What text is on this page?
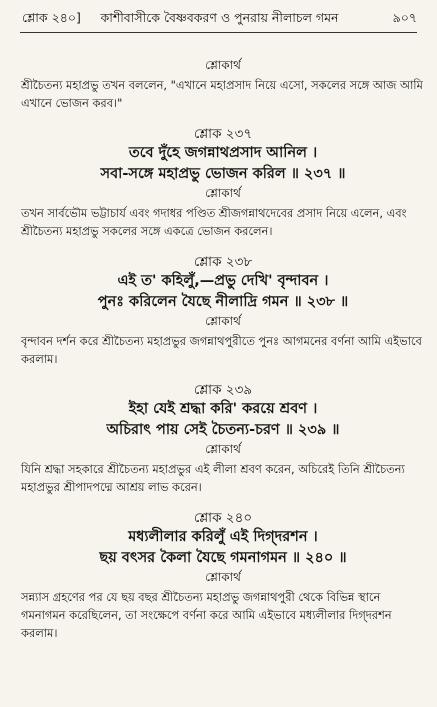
শ্লোক ২৪০]	কাশীবাসীকে বৈষ্ণবকরণ ও পুনরায় নীলাচল গমন	৯০৭
শ্লোকার্থ
শ্রীচৈতন্য মহাপ্রভু তখন বললেন, "এখানে মহাপ্রসাদ নিয়ে এসো, সকলের সঙ্গে আজ আমি এখানে ভোজন করব।"
শ্লোক ২৩৭
তবে দুঁহে জগন্নাথপ্রসাদ আনিল ।
সবা-সঙ্গে মহাপ্রভু ভোজন করিল ॥ ২৩৭ ॥
শ্লোকার্থ
তখন সার্বভৌম ভট্টাচার্য এবং গদাধর পণ্ডিত শ্রীজগন্নাথদেবের প্রসাদ নিয়ে এলেন, এবং শ্রীচৈতন্য মহাপ্রভু সকলের সঙ্গে একত্রে ভোজন করলেন।
শ্লোক ২৩৮
এই ত' কহিলুঁ,—প্রভু দেখি' বৃন্দাবন ।
পুনঃ করিলেন যৈছে নীলাদ্রি গমন ॥ ২৩৮ ॥
শ্লোকার্থ
বৃন্দাবন দর্শন করে শ্রীচৈতন্য মহাপ্রভুর জগন্নাথপুরীতে পুনঃ আগমনের বর্ণনা আমি এইভাবে করলাম।
শ্লোক ২৩৯
ইহা যেই শ্রদ্ধা করি' করয়ে শ্রবণ ।
অচিরাৎ পায় সেই চৈতন্য-চরণ ॥ ২৩৯ ॥
শ্লোকার্থ
যিনি শ্রদ্ধা সহকারে শ্রীচৈতন্য মহাপ্রভুর এই লীলা শ্রবণ করেন, অচিরেই তিনি শ্রীচৈতন্য মহাপ্রভুর শ্রীপাদপদ্মে আশ্রয় লাভ করেন।
শ্লোক ২৪০
মধ্যলীলার করিলুঁ এই দিগ্‌দরশন ।
ছয় বৎসর কৈলা যৈছে গমনাগমন ॥ ২৪০ ॥
শ্লোকার্থ
সন্ন্যাস গ্রহণের পর যে ছয় বছর শ্রীচৈতন্য মহাপ্রভু জগন্নাথপুরী থেকে বিভিন্ন স্থানে গমনাগমন করেছিলেন, তা সংক্ষেপে বর্ণনা করে আমি এইভাবে মধ্যলীলার দিগ্‌দরশন করলাম।
